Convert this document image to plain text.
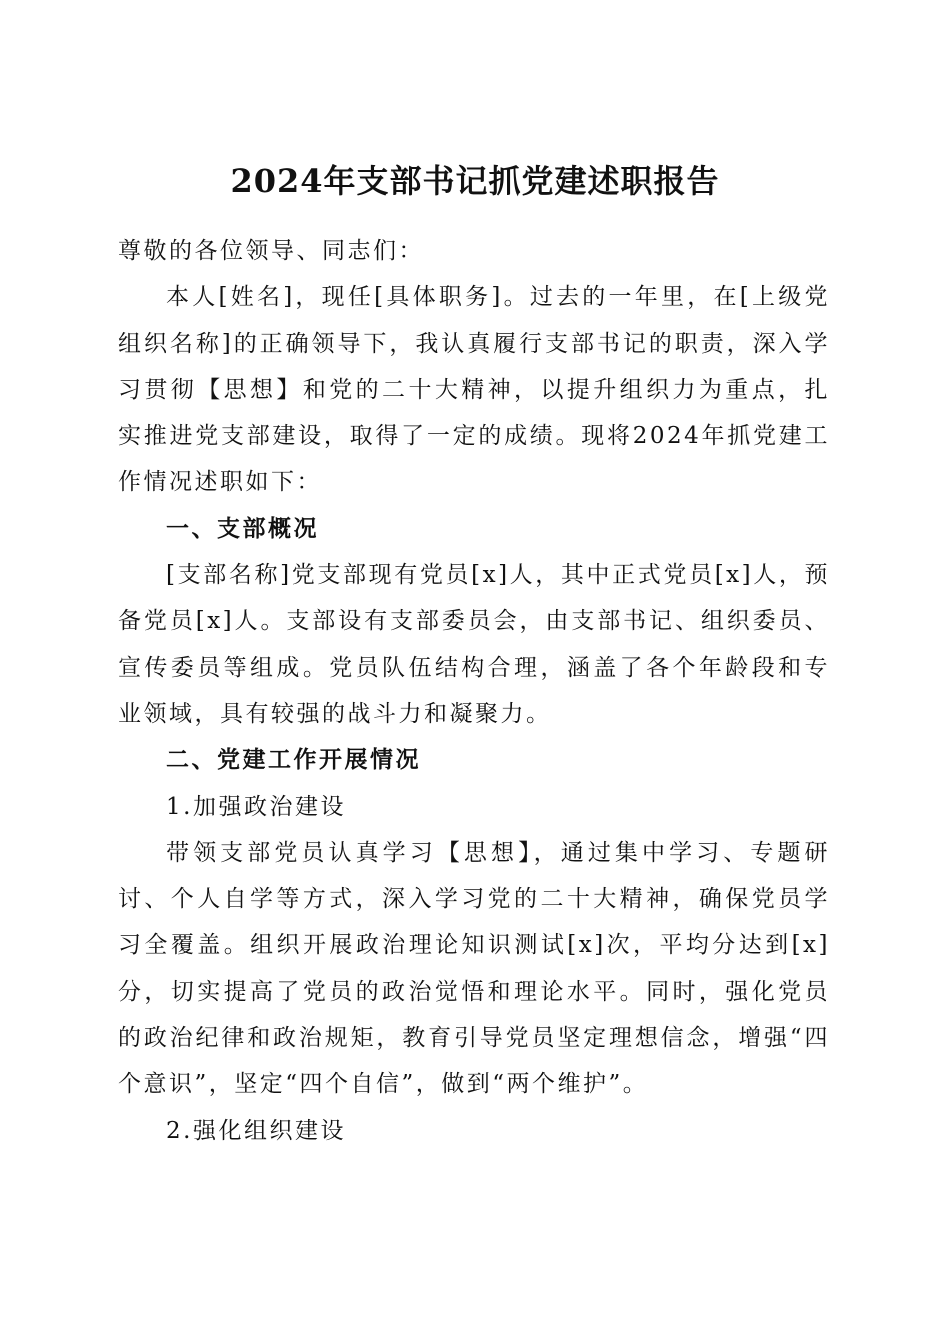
2024年支部书记抓党建述职报告

尊敬的各位领导、同志们：

本人[姓名]，现任[具体职务]。过去的一年里，在[上级党组织名称]的正确领导下，我认真履行支部书记的职责，深入学习贯彻【思想】和党的二十大精神，以提升组织力为重点，扎实推进党支部建设，取得了一定的成绩。现将2024年抓党建工作情况述职如下：

一、支部概况

[支部名称]党支部现有党员[x]人，其中正式党员[x]人，预备党员[x]人。支部设有支部委员会，由支部书记、组织委员、宣传委员等组成。党员队伍结构合理，涵盖了各个年龄段和专业领域，具有较强的战斗力和凝聚力。

二、党建工作开展情况

1.加强政治建设

带领支部党员认真学习【思想】，通过集中学习、专题研讨、个人自学等方式，深入学习党的二十大精神，确保党员学习全覆盖。组织开展政治理论知识测试[x]次，平均分达到[x]分，切实提高了党员的政治觉悟和理论水平。同时，强化党员的政治纪律和政治规矩，教育引导党员坚定理想信念，增强“四个意识”，坚定“四个自信”，做到“两个维护”。

2.强化组织建设
